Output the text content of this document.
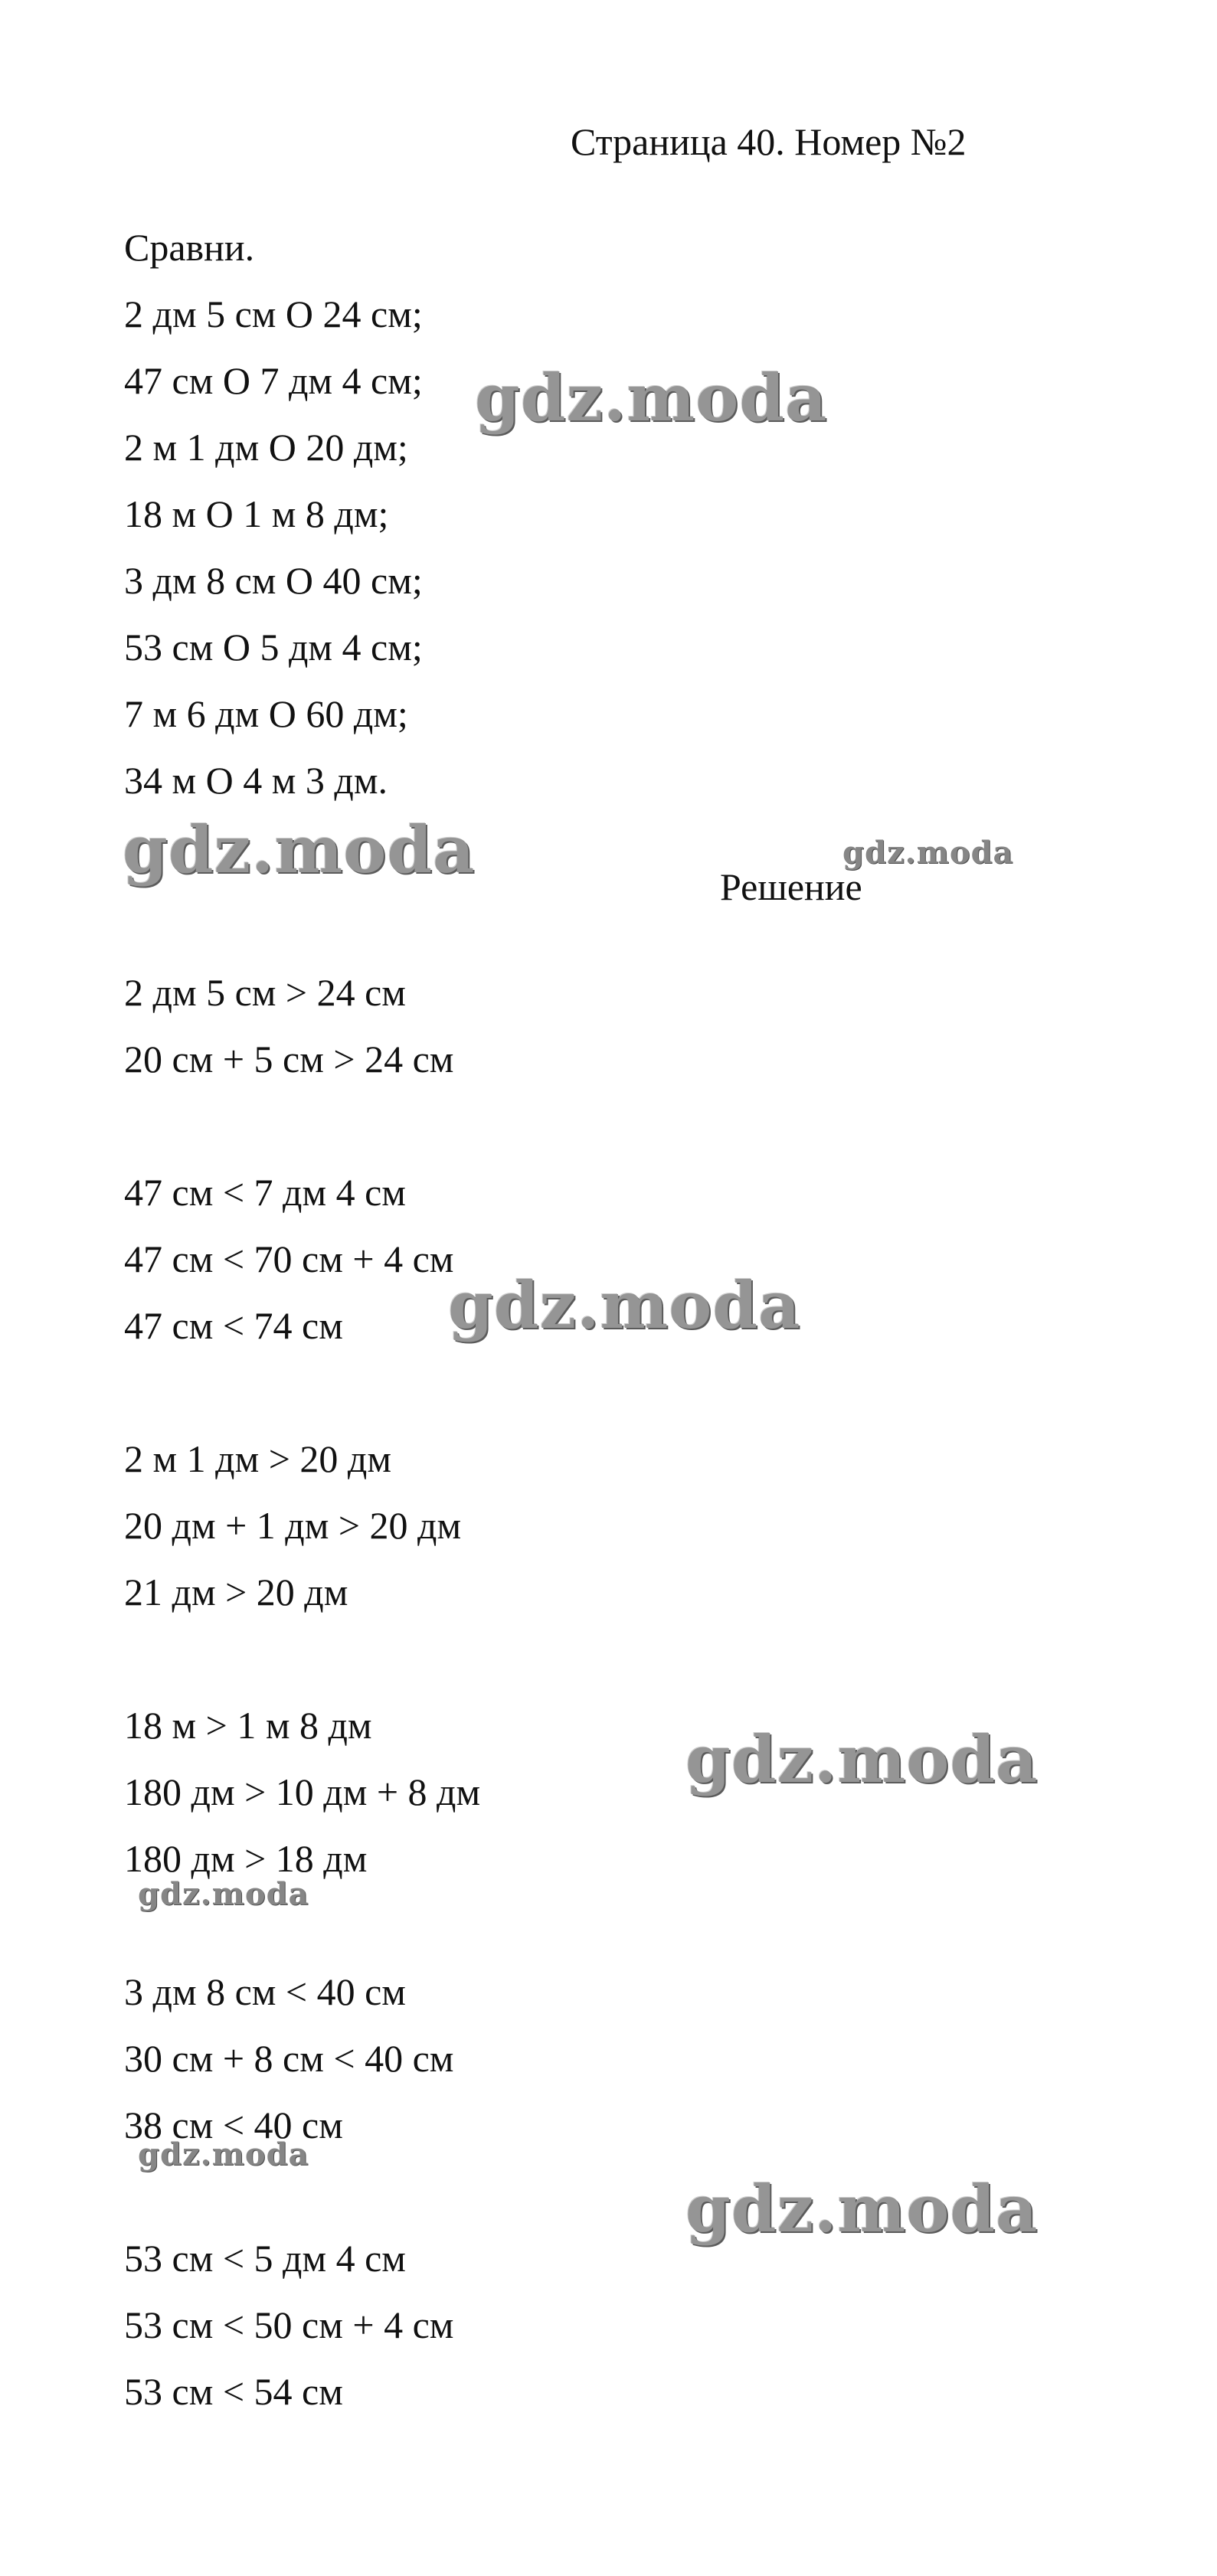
Страница 40. Номер №2
Сравни.
2 дм 5 см О 24 см;
47 см О 7 дм 4 см;
2 м 1 дм О 20 дм;
18 м О 1 м 8 дм;
3 дм 8 см О 40 см;
53 см О 5 дм 4 см;
7 м 6 дм О 60 дм;
34 м О 4 м 3 дм.
Решение
2 дм 5 см > 24 см
20 см + 5 см > 24 см
47 см < 7 дм 4 см
47 см < 70 см + 4 см
47 см < 74 см
2 м 1 дм > 20 дм
20 дм + 1 дм > 20 дм
21 дм > 20 дм
18 м > 1 м 8 дм
180 дм > 10 дм + 8 дм
180 дм > 18 дм
3 дм 8 см < 40 см
30 см + 8 см < 40 см
38 см < 40 см
53 см < 5 дм 4 см
53 см < 50 см + 4 см
53 см < 54 см
gdz.moda
gdz.moda	gdz.moda
gdz.moda
gdz.moda
gdz.moda
gdz.moda
gdz.moda
